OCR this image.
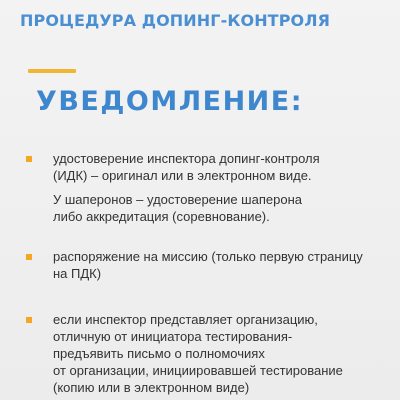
ПРОЦЕДУРА ДОПИНГ-КОНТРОЛЯ
УВЕДОМЛЕНИЕ:
удостоверение инспектора допинг-контроля
(ИДК) – оригинал или в электронном виде.
У шаперонов – удостоверение шаперона
либо аккредитация (соревнование).
распоряжение на миссию (только первую страницу
на ПДК)
если инспектор представляет организацию,
отличную от инициатора тестирования-
предъявить письмо о полномочиях
от организации, инициировавшей тестирование
(копию или в электронном виде)
